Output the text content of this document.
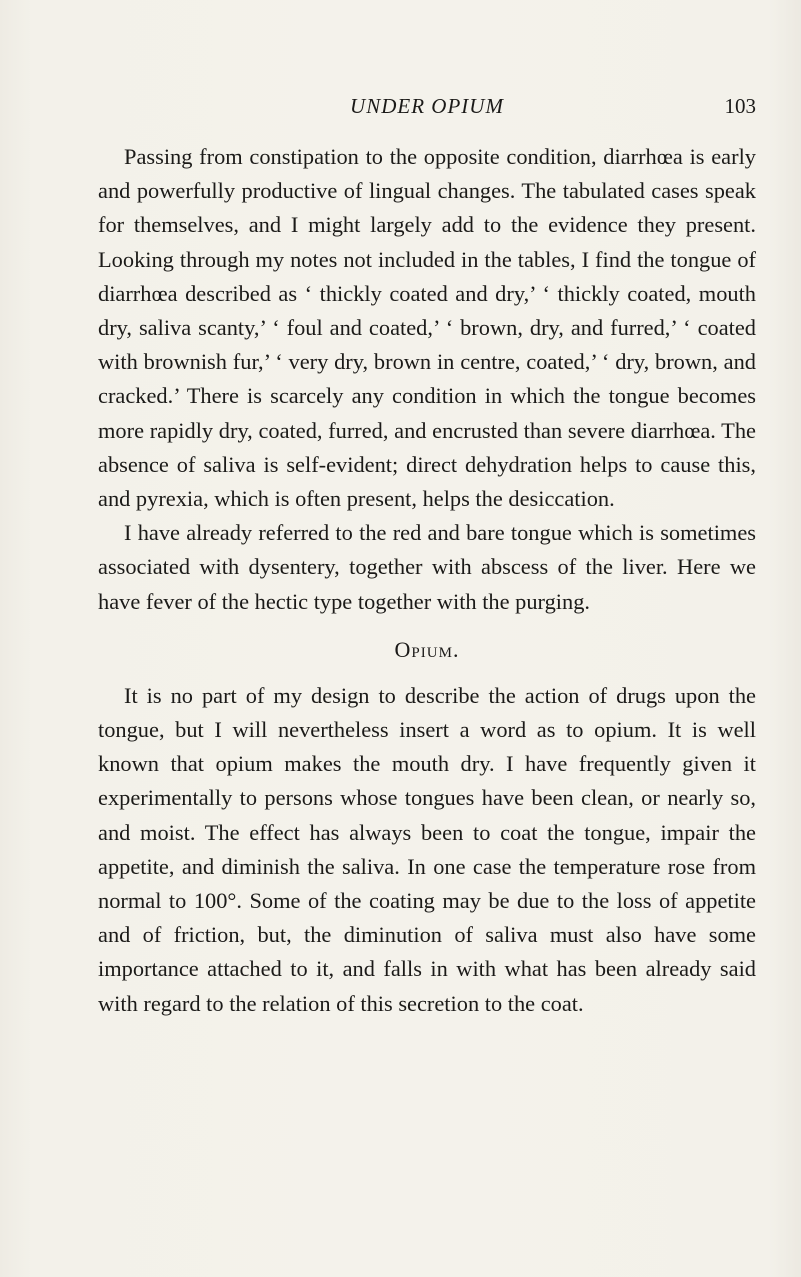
UNDER OPIUM	103

Passing from constipation to the opposite condition, diarrhœa is early and powerfully productive of lingual changes. The tabulated cases speak for themselves, and I might largely add to the evidence they present. Looking through my notes not included in the tables, I find the tongue of diarrhœa described as ‘ thickly coated and dry,’ ‘ thickly coated, mouth dry, saliva scanty,’ ‘ foul and coated,’ ‘ brown, dry, and furred,’ ‘ coated with brownish fur,’ ‘ very dry, brown in centre, coated,’ ‘ dry, brown, and cracked.’ There is scarcely any condition in which the tongue becomes more rapidly dry, coated, furred, and encrusted than severe diarrhœa. The absence of saliva is self-evident; direct dehydration helps to cause this, and pyrexia, which is often present, helps the desiccation.

I have already referred to the red and bare tongue which is sometimes associated with dysentery, together with abscess of the liver. Here we have fever of the hectic type together with the purging.

Opium.

It is no part of my design to describe the action of drugs upon the tongue, but I will nevertheless insert a word as to opium. It is well known that opium makes the mouth dry. I have frequently given it experimentally to persons whose tongues have been clean, or nearly so, and moist. The effect has always been to coat the tongue, impair the appetite, and diminish the saliva. In one case the temperature rose from normal to 100°. Some of the coating may be due to the loss of appetite and of friction, but, the diminution of saliva must also have some importance attached to it, and falls in with what has been already said with regard to the relation of this secretion to the coat.
